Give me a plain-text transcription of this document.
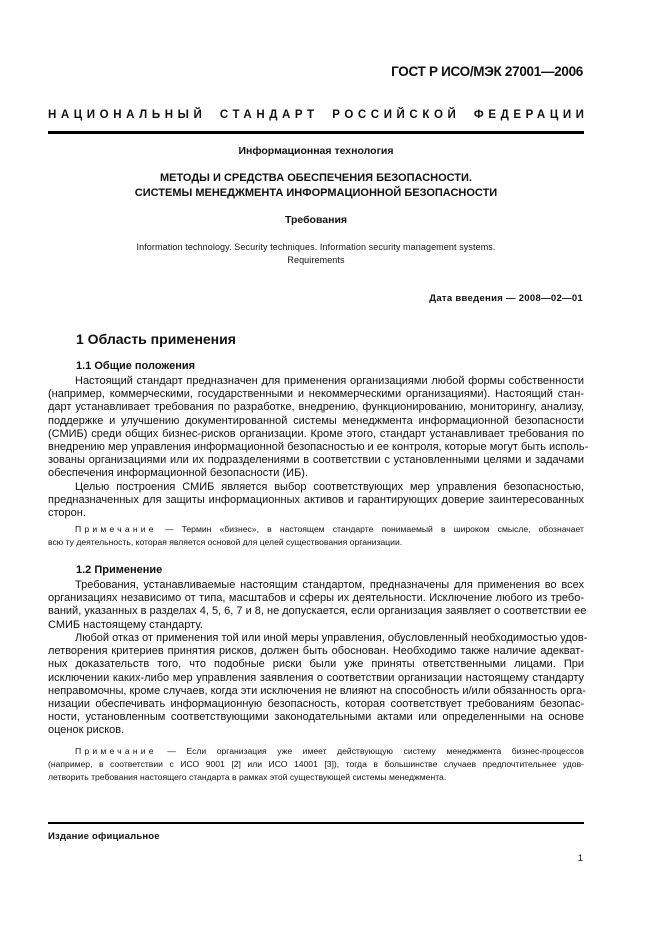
ГОСТ Р ИСО/МЭК 27001—2006
НАЦИОНАЛЬНЫЙ СТАНДАРТ РОССИЙСКОЙ ФЕДЕРАЦИИ
Информационная технология
МЕТОДЫ И СРЕДСТВА ОБЕСПЕЧЕНИЯ БЕЗОПАСНОСТИ.
СИСТЕМЫ МЕНЕДЖМЕНТА ИНФОРМАЦИОННОЙ БЕЗОПАСНОСТИ
Требования
Information technology. Security techniques. Information security management systems.
Requirements
Дата введения — 2008—02—01
1 Область применения
1.1 Общие положения
Настоящий стандарт предназначен для применения организациями любой формы собственности
(например, коммерческими, государственными и некоммерческими организациями). Настоящий стан-
дарт устанавливает требования по разработке, внедрению, функционированию, мониторингу, анализу,
поддержке и улучшению документированной системы менеджмента информационной безопасности
(СМИБ) среди общих бизнес-рисков организации. Кроме этого, стандарт устанавливает требования по
внедрению мер управления информационной безопасностью и ее контроля, которые могут быть исполь-
зованы организациями или их подразделениями в соответствии с установленными целями и задачами
обеспечения информационной безопасности (ИБ).
Целью построения СМИБ является выбор соответствующих мер управления безопасностью,
предназначенных для защиты информационных активов и гарантирующих доверие заинтересованных
сторон.
Примечание — Термин «бизнес», в настоящем стандарте понимаемый в широком смысле, обозначает
всю ту деятельность, которая является основой для целей существования организации.
1.2 Применение
Требования, устанавливаемые настоящим стандартом, предназначены для применения во всех
организациях независимо от типа, масштабов и сферы их деятельности. Исключение любого из требо-
ваний, указанных в разделах 4, 5, 6, 7 и 8, не допускается, если организация заявляет о соответствии ее
СМИБ настоящему стандарту.
Любой отказ от применения той или иной меры управления, обусловленный необходимостью удов-
летворения критериев принятия рисков, должен быть обоснован. Необходимо также наличие адекват-
ных доказательств того, что подобные риски были уже приняты ответственными лицами. При
исключении каких-либо мер управления заявления о соответствии организации настоящему стандарту
неправомочны, кроме случаев, когда эти исключения не влияют на способность и/или обязанность орга-
низации обеспечивать информационную безопасность, которая соответствует требованиям безопас-
ности, установленным соответствующими законодательными актами или определенными на основе
оценок рисков.
Примечание — Если организация уже имеет действующую систему менеджмента бизнес-процессов
(например, в соответствии с ИСО 9001 [2] или ИСО 14001 [3]), тогда в большинстве случаев предпочтительнее удов-
летворить требования настоящего стандарта в рамках этой существующей системы менеджмента.
Издание официальное
1
